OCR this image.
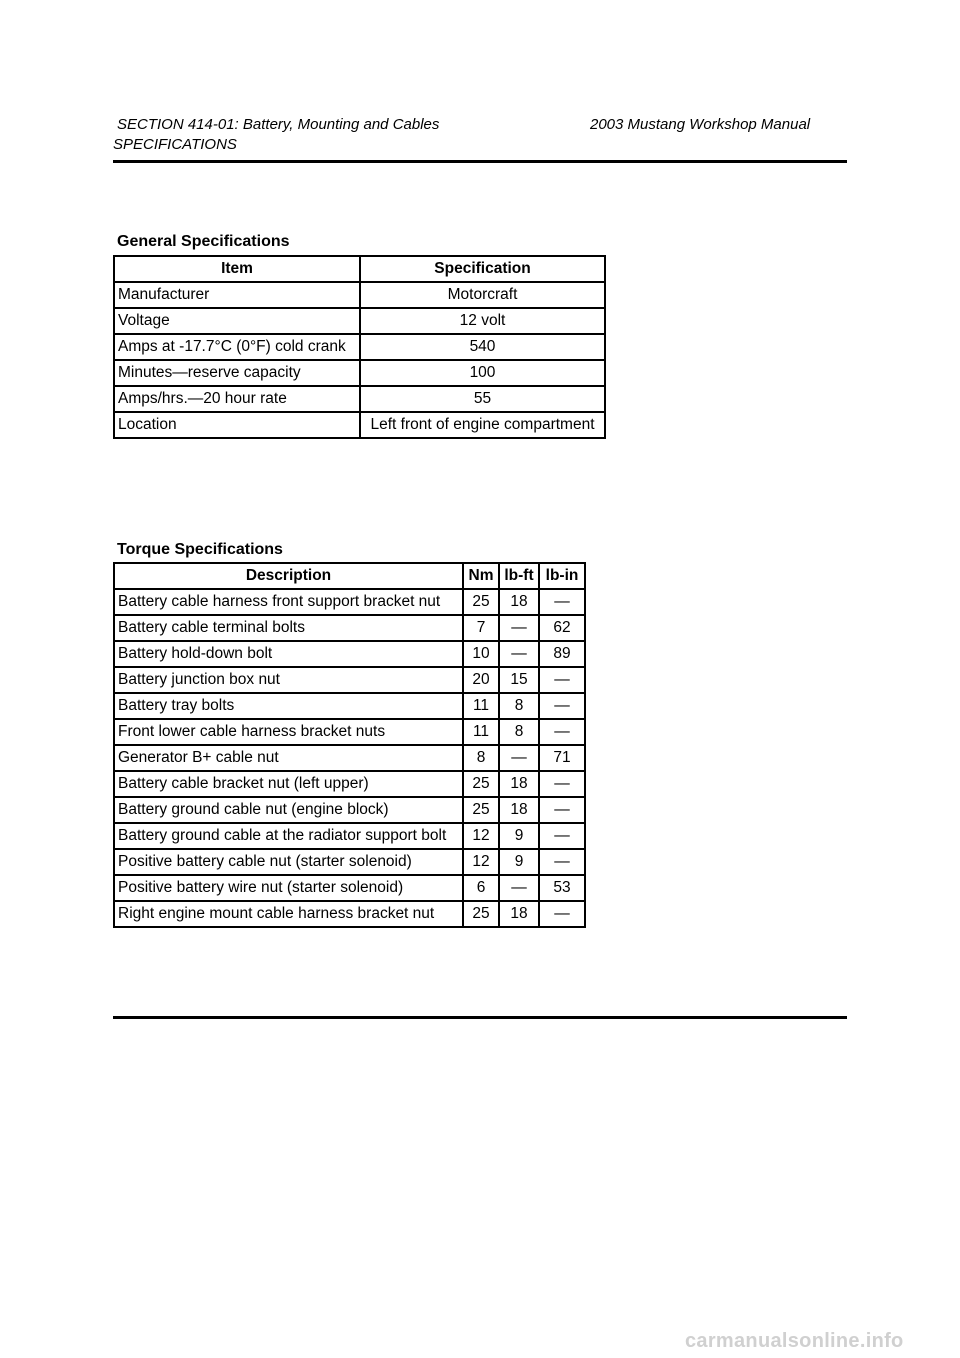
SECTION 414-01: Battery, Mounting and Cables	2003 Mustang Workshop Manual
SPECIFICATIONS
General Specifications
Item	Specification
Manufacturer	Motorcraft
Voltage	12 volt
Amps at -17.7°C (0°F) cold crank	540
Minutes—reserve capacity	100
Amps/hrs.—20 hour rate	55
Location	Left front of engine compartment
Torque Specifications
Description	Nm	lb-ft	lb-in
Battery cable harness front support bracket nut	25	18	—
Battery cable terminal bolts	7	—	62
Battery hold-down bolt	10	—	89
Battery junction box nut	20	15	—
Battery tray bolts	11	8	—
Front lower cable harness bracket nuts	11	8	—
Generator B+ cable nut	8	—	71
Battery cable bracket nut (left upper)	25	18	—
Battery ground cable nut (engine block)	25	18	—
Battery ground cable at the radiator support bolt	12	9	—
Positive battery cable nut (starter solenoid)	12	9	—
Positive battery wire nut (starter solenoid)	6	—	53
Right engine mount cable harness bracket nut	25	18	—
carmanualsonline.info
